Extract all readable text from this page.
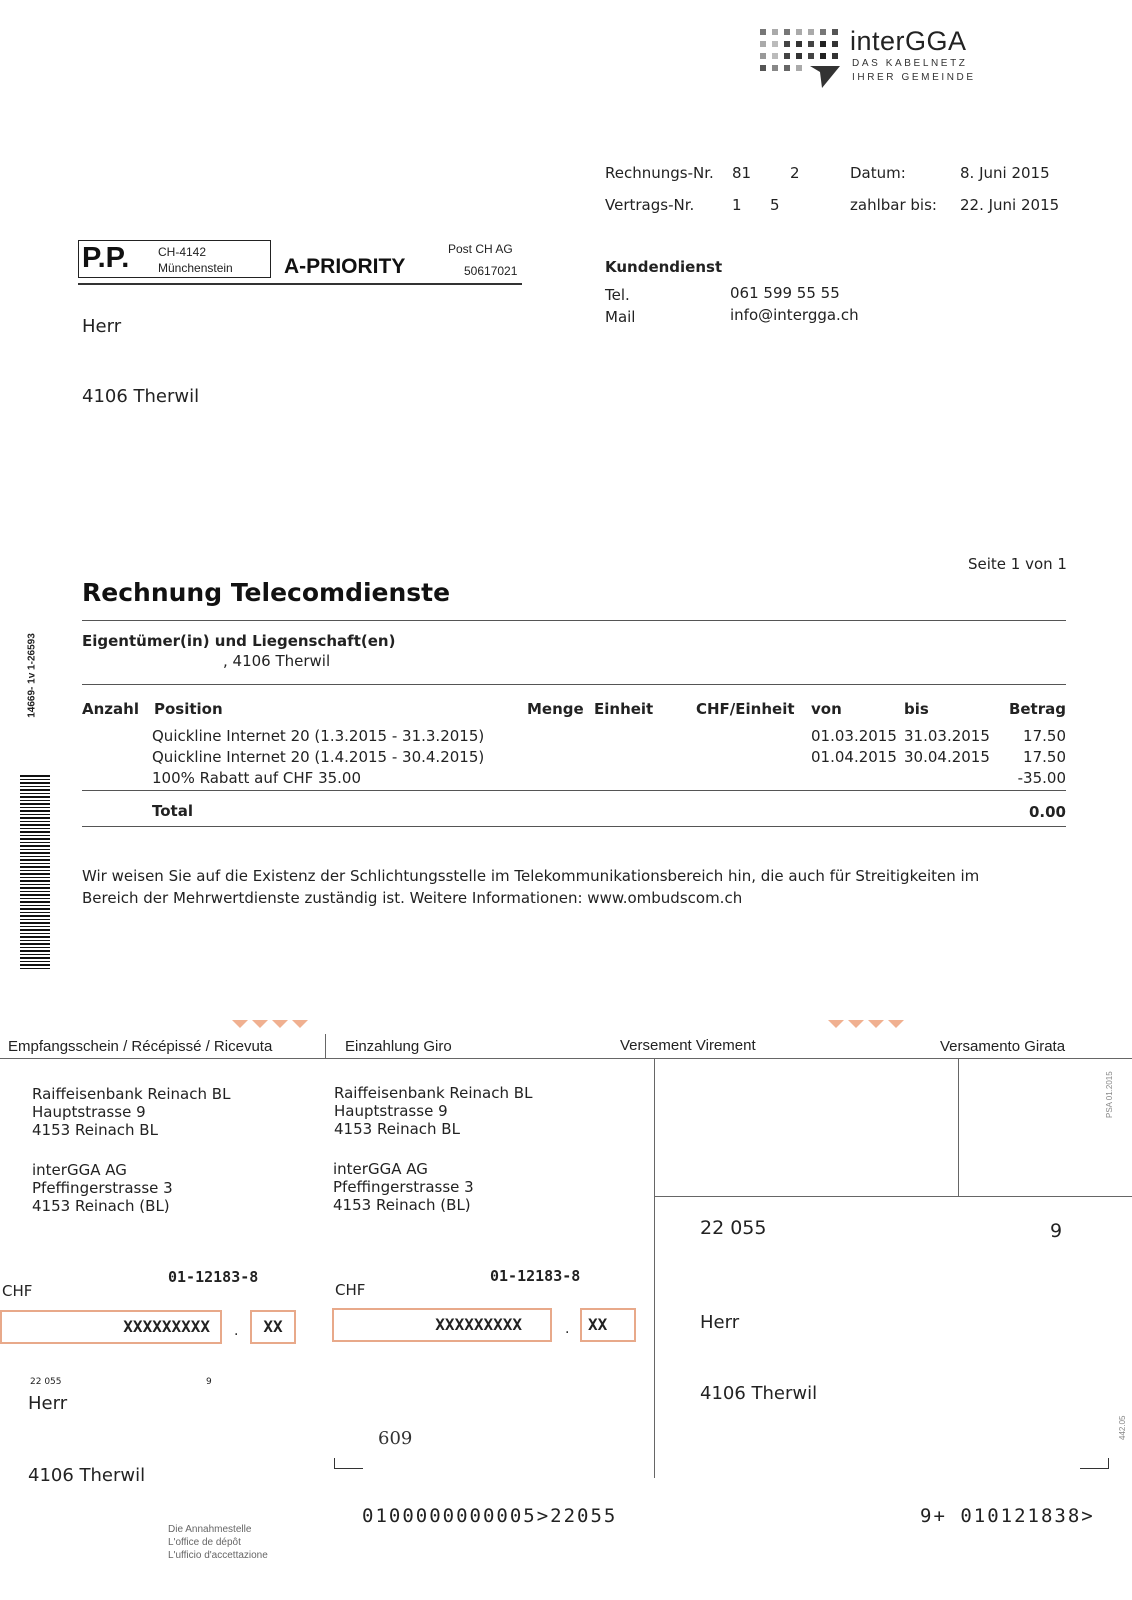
interGGA
DAS KABELNETZ
IHRER GEMEINDE
Rechnungs-Nr. 81	2	Datum:	8. Juni 2015
Vertrags-Nr.	1 5	zahlbar bis: 22. Juni 2015
P.P. CH-4142
Münchenstein A-PRIORITY
Post CH AG
50617021	Kundendienst
Tel.	061 599 55 55
Mail	info@intergga.ch
Herr
4106 Therwil
14669- 1v 1-26593
Seite 1 von 1
Rechnung Telecomdienste
Eigentümer(in) und Liegenschaft(en)
, 4106 Therwil
Anzahl Position	Menge Einheit	CHF/Einheit von	bis	Betrag
Quickline Internet 20 (1.3.2015 - 31.3.2015)	01.03.2015 31.03.2015	17.50
Quickline Internet 20 (1.4.2015 - 30.4.2015)	01.04.2015 30.04.2015	17.50
100% Rabatt auf CHF 35.00	-35.00
Total	0.00
Wir weisen Sie auf die Existenz der Schlichtungsstelle im Telekommunikationsbereich hin, die auch für Streitigkeiten im
Bereich der Mehrwertdienste zuständig ist. Weitere Informationen: www.ombudscom.ch
Empfangsschein / Récépissé / Ricevuta	Einzahlung Giro	Versement Virement	Versamento Girata
Raiffeisenbank Reinach BL
Hauptstrasse 9
4153 Reinach BL
interGGA AG
Pfeffingerstrasse 3
4153 Reinach (BL)
01-12183-8
CHF
XXXXXXXXX	.	XX
22 055	9
Herr
4106 Therwil
Die Annahmestelle
L'office de dépôt
L'ufficio d'accettazione
Raiffeisenbank Reinach BL
Hauptstrasse 9
4153 Reinach BL
interGGA AG
Pfeffingerstrasse 3
4153 Reinach (BL)
01-12183-8
CHF
XXXXXXXXX	.	XX
609
22 055	9
Herr
4106 Therwil
PSA 01.2015
442.05
0100000000005>22055	9+ 010121838>
